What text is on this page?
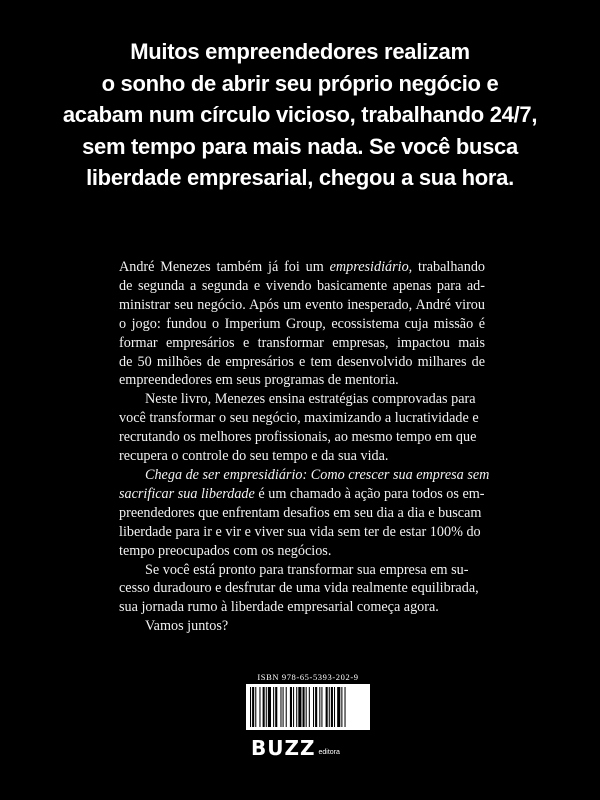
Muitos empreendedores realizam
o sonho de abrir seu próprio negócio e
acabam num círculo vicioso, trabalhando 24/7,
sem tempo para mais nada. Se você busca
liberdade empresarial, chegou a sua hora.

André Menezes também já foi um empresidiário, trabalhando
de segunda a segunda e vivendo basicamente apenas para ad-
ministrar seu negócio. Após um evento inesperado, André virou
o jogo: fundou o Imperium Group, ecossistema cuja missão é
formar empresários e transformar empresas, impactou mais
de 50 milhões de empresários e tem desenvolvido milhares de
empreendedores em seus programas de mentoria.

Neste livro, Menezes ensina estratégias comprovadas para
você transformar o seu negócio, maximizando a lucratividade e
recrutando os melhores profissionais, ao mesmo tempo em que
recupera o controle do seu tempo e da sua vida.

Chega de ser empresidiário: Como crescer sua empresa sem
sacrificar sua liberdade é um chamado à ação para todos os em-
preendedores que enfrentam desafios em seu dia a dia e buscam
liberdade para ir e vir e viver sua vida sem ter de estar 100% do
tempo preocupados com os negócios.

Se você está pronto para transformar sua empresa em su-
cesso duradouro e desfrutar de uma vida realmente equilibrada,
sua jornada rumo à liberdade empresarial começa agora.

Vamos juntos?

ISBN 978-65-5393-202-9
BUZZ editora
